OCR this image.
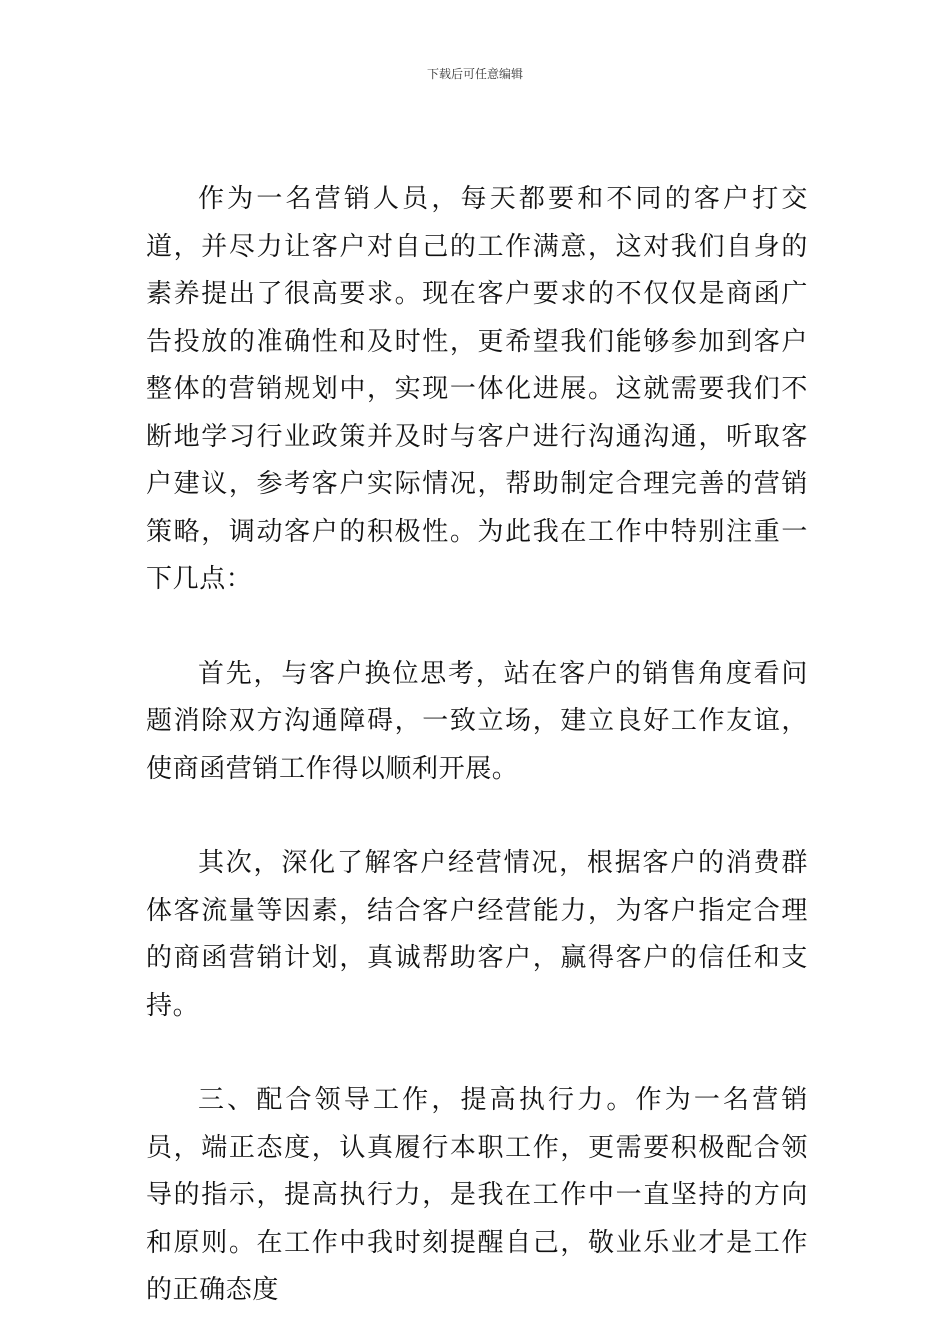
下载后可任意编辑

作为一名营销人员，每天都要和不同的客户打交道，并尽力让客户对自己的工作满意，这对我们自身的素养提出了很高要求。现在客户要求的不仅仅是商函广告投放的准确性和及时性，更希望我们能够参加到客户整体的营销规划中，实现一体化进展。这就需要我们不断地学习行业政策并及时与客户进行沟通沟通，听取客户建议，参考客户实际情况，帮助制定合理完善的营销策略，调动客户的积极性。为此我在工作中特别注重一下几点：

首先，与客户换位思考，站在客户的销售角度看问题消除双方沟通障碍，一致立场，建立良好工作友谊，使商函营销工作得以顺利开展。

其次，深化了解客户经营情况，根据客户的消费群体客流量等因素，结合客户经营能力，为客户指定合理的商函营销计划，真诚帮助客户，赢得客户的信任和支持。

三、配合领导工作，提高执行力。作为一名营销员，端正态度，认真履行本职工作，更需要积极配合领导的指示，提高执行力，是我在工作中一直坚持的方向和原则。在工作中我时刻提醒自己，敬业乐业才是工作的正确态度
